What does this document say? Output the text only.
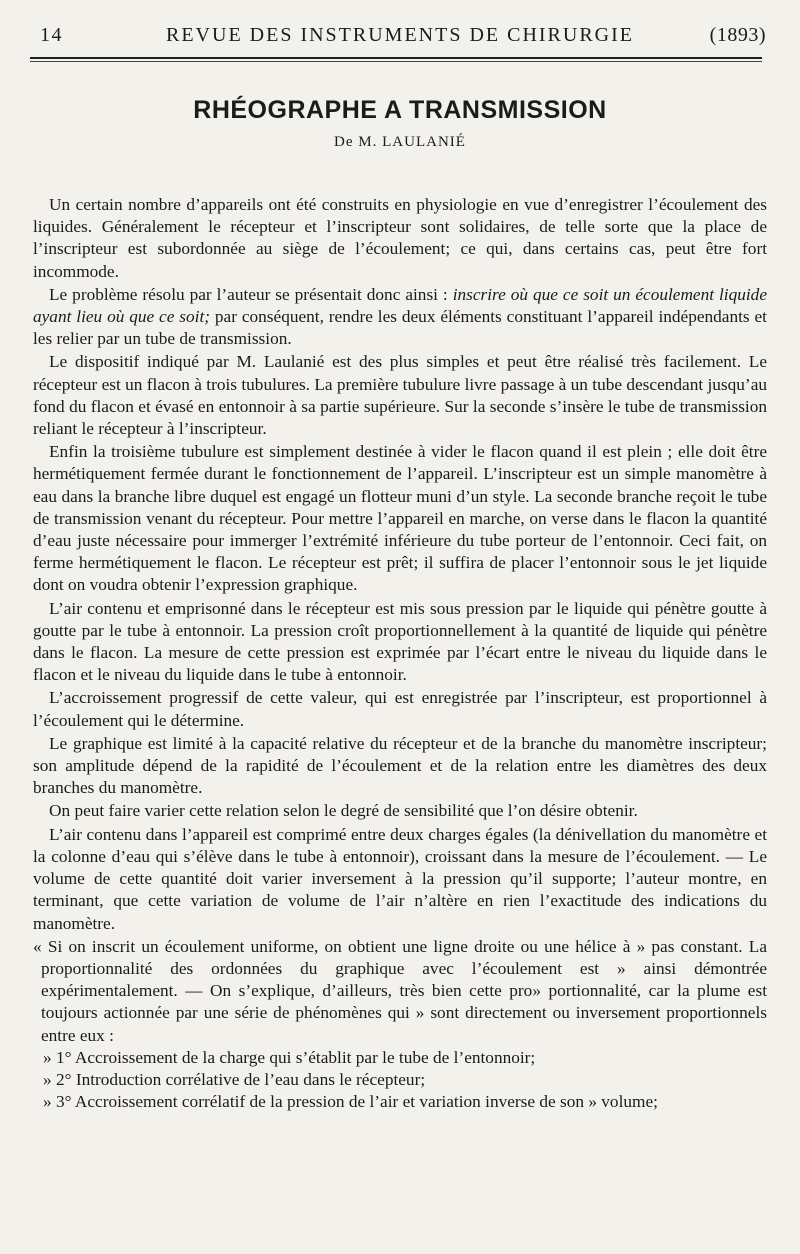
14	REVUE DES INSTRUMENTS DE CHIRURGIE	(1893)
RHÉOGRAPHE A TRANSMISSION
De M. LAULANIÉ

Un certain nombre d’appareils ont été construits en physiologie en vue d’enregistrer l’écoulement des liquides. Généralement le récepteur et l’inscripteur sont solidaires, de telle sorte que la place de l’inscripteur est subordonnée au siège de l’écoulement; ce qui, dans certains cas, peut être fort incommode.

Le problème résolu par l’auteur se présentait donc ainsi : inscrire où que ce soit un écoulement liquide ayant lieu où que ce soit; par conséquent, rendre les deux éléments constituant l’appareil indépendants et les relier par un tube de transmission.

Le dispositif indiqué par M. Laulanié est des plus simples et peut être réalisé très facilement. Le récepteur est un flacon à trois tubulures. La première tubulure livre passage à un tube descendant jusqu’au fond du flacon et évasé en entonnoir à sa partie supérieure. Sur la seconde s’insère le tube de transmission reliant le récepteur à l’inscripteur.

Enfin la troisième tubulure est simplement destinée à vider le flacon quand il est plein ; elle doit être hermétiquement fermée durant le fonctionnement de l’appareil. L’inscripteur est un simple manomètre à eau dans la branche libre duquel est engagé un flotteur muni d’un style. La seconde branche reçoit le tube de transmission venant du récepteur. Pour mettre l’appareil en marche, on verse dans le flacon la quantité d’eau juste nécessaire pour immerger l’extrémité inférieure du tube porteur de l’entonnoir. Ceci fait, on ferme hermétiquement le flacon. Le récepteur est prêt; il suffira de placer l’entonnoir sous le jet liquide dont on voudra obtenir l’expression graphique.

L’air contenu et emprisonné dans le récepteur est mis sous pression par le liquide qui pénètre goutte à goutte par le tube à entonnoir. La pression croît proportionnellement à la quantité de liquide qui pénètre dans le flacon. La mesure de cette pression est exprimée par l’écart entre le niveau du liquide dans le flacon et le niveau du liquide dans le tube à entonnoir.

L’accroissement progressif de cette valeur, qui est enregistrée par l’inscripteur, est proportionnel à l’écoulement qui le détermine.

Le graphique est limité à la capacité relative du récepteur et de la branche du manomètre inscripteur; son amplitude dépend de la rapidité de l’écoulement et de la relation entre les diamètres des deux branches du manomètre.

On peut faire varier cette relation selon le degré de sensibilité que l’on désire obtenir.

L’air contenu dans l’appareil est comprimé entre deux charges égales (la dénivellation du manomètre et la colonne d’eau qui s’élève dans le tube à entonnoir), croissant dans la mesure de l’écoulement. — Le volume de cette quantité doit varier inversement à la pression qu’il supporte; l’auteur montre, en terminant, que cette variation de volume de l’air n’altère en rien l’exactitude des indications du manomètre.

« Si on inscrit un écoulement uniforme, on obtient une ligne droite ou une hélice à » pas constant. La proportionnalité des ordonnées du graphique avec l’écoulement est » ainsi démontrée expérimentalement. — On s’explique, d’ailleurs, très bien cette pro» portionnalité, car la plume est toujours actionnée par une série de phénomènes qui » sont directement ou inversement proportionnels entre eux :

» 1° Accroissement de la charge qui s’établit par le tube de l’entonnoir;

» 2° Introduction corrélative de l’eau dans le récepteur;

» 3° Accroissement corrélatif de la pression de l’air et variation inverse de son » volume;
